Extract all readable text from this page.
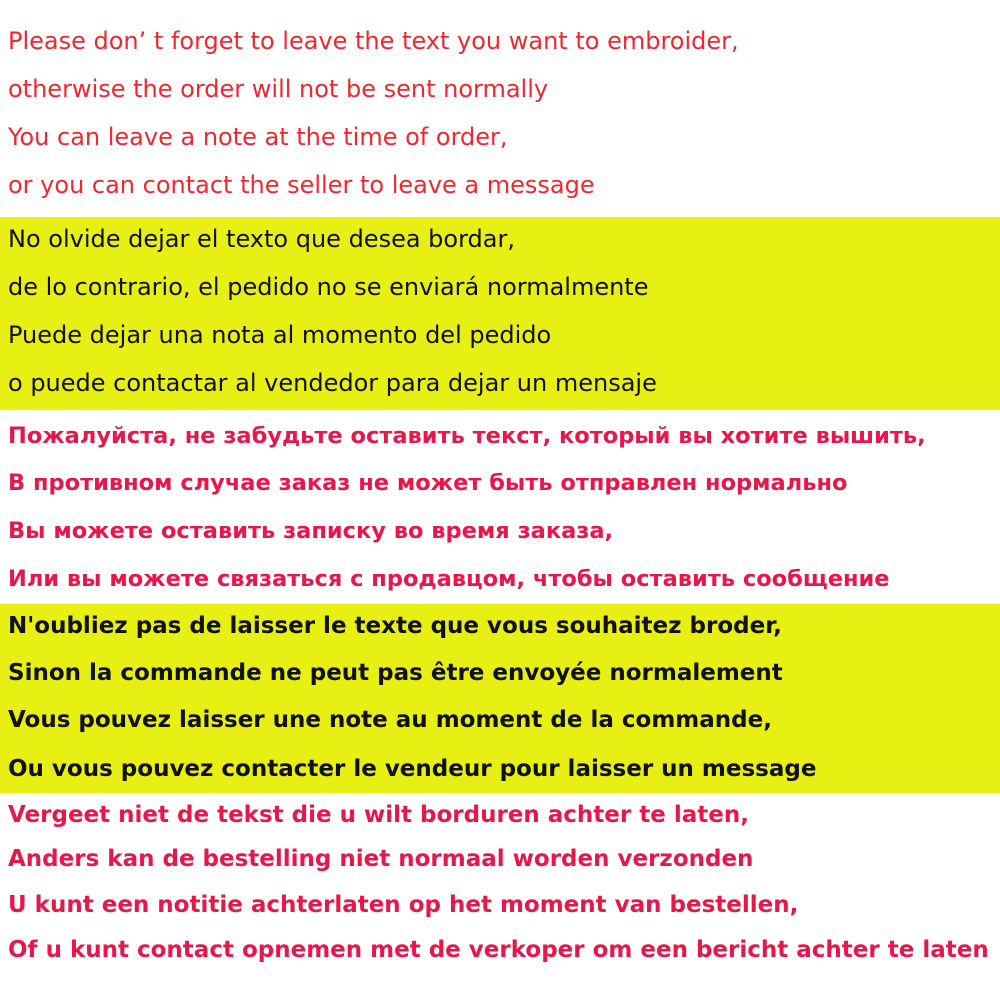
Please don’ t forget to leave the text you want to embroider,
otherwise the order will not be sent normally
You can leave a note at the time of order,
or you can contact the seller to leave a message
No olvide dejar el texto que desea bordar,
de lo contrario, el pedido no se enviará normalmente
Puede dejar una nota al momento del pedido
o puede contactar al vendedor para dejar un mensaje
Пожалуйста, не забудьте оставить текст, который вы хотите вышить,
В противном случае заказ не может быть отправлен нормально
Вы можете оставить записку во время заказа,
Или вы можете связаться с продавцом, чтобы оставить сообщение
N'oubliez pas de laisser le texte que vous souhaitez broder,
Sinon la commande ne peut pas être envoyée normalement
Vous pouvez laisser une note au moment de la commande,
Ou vous pouvez contacter le vendeur pour laisser un message
Vergeet niet de tekst die u wilt borduren achter te laten,
Anders kan de bestelling niet normaal worden verzonden
U kunt een notitie achterlaten op het moment van bestellen,
Of u kunt contact opnemen met de verkoper om een bericht achter te laten
